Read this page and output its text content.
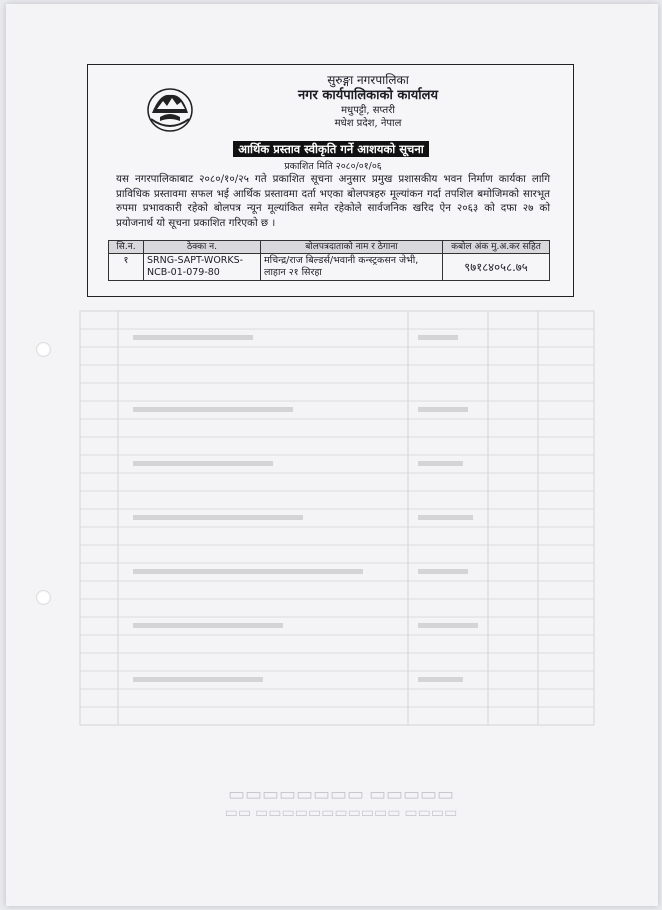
▭▭▭▭▭ ▭▭▭▭▭▭▭▭
▭▭▭▭ ▭▭▭▭▭▭▭▭▭▭▭ ▭▭
सुरुङ्गा नगरपालिका
नगर कार्यपालिकाको कार्यालय
मधुपट्टी, सप्तरी
मधेश प्रदेश, नेपाल
आर्थिक प्रस्ताव स्वीकृति गर्ने आशयको सूचना
प्रकाशित मिति २०८०/०१/०६
यस नगरपालिकाबाट २०८०/१०/२५ गते प्रकाशित सूचना अनुसार प्रमुख प्रशासकीय भवन निर्माण कार्यका लागि प्राविधिक प्रस्तावमा सफल भई आर्थिक प्रस्तावमा दर्ता भएका बोलपत्रहरु मूल्यांकन गर्दा तपशिल बमोजिमको सारभूत रुपमा प्रभावकारी रहेको बोलपत्र न्यून मूल्यांकित समेत रहेकोले सार्वजनिक खरिद ऐन २०६३ को दफा २७ को प्रयोजनार्थ यो सूचना प्रकाशित गरिएको छ ।
सि.न.	ठेक्का न.	बोलपत्रदाताको नाम र ठेगाना	कबोल अंक मु.अ.कर सहित
१	SRNG-SAPT-WORKS-NCB-01-079-80	मचिन्द्र/राज बिल्डर्स/भवानी कन्स्ट्रकसन जेभी, लाहान २१ सिरहा	९७१८४०५८.७५
